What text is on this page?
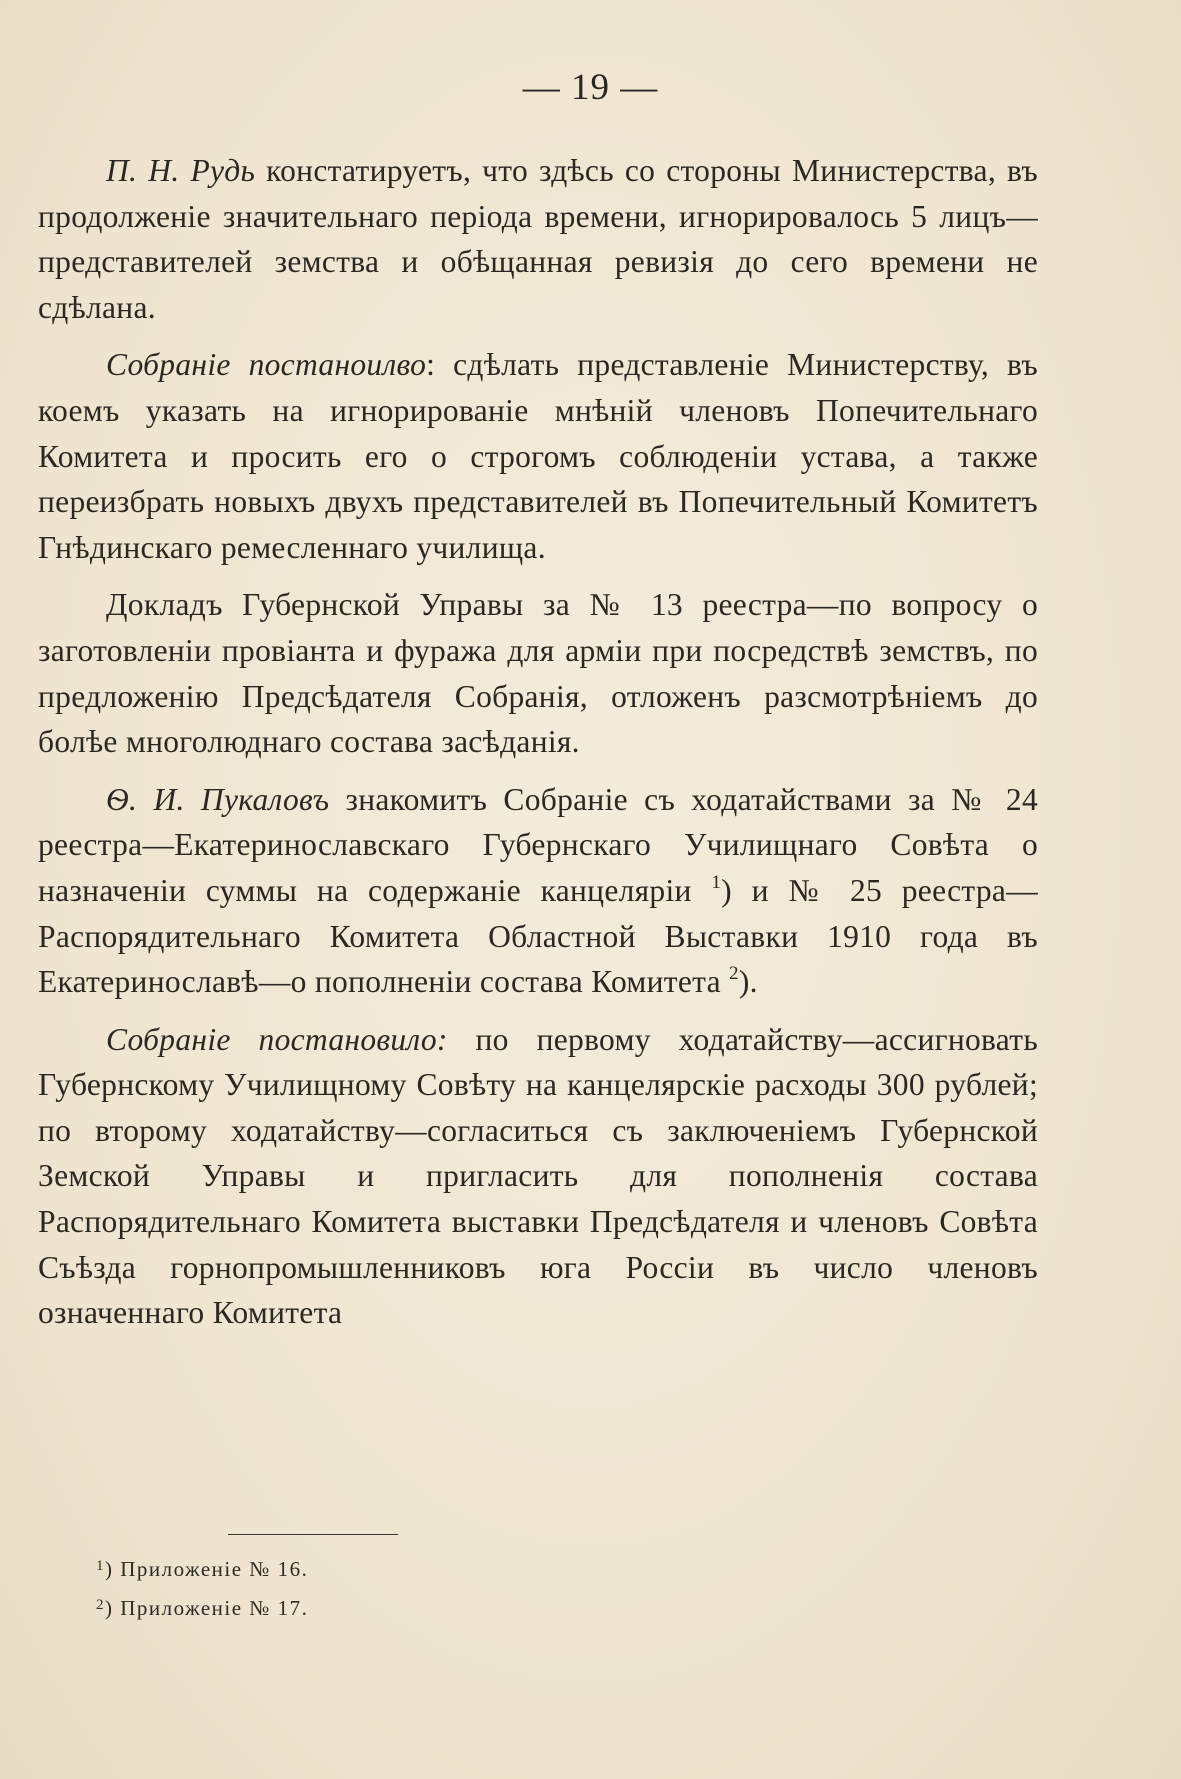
— 19 —

П. Н. Рудь констатируетъ, что здѣсь со стороны Министерства, въ продолженіе значительнаго періода времени, игнорировалось 5 лицъ— представителей земства и обѣщанная ревизія до сего времени не сдѣлана.

Собраніе постаноилво: сдѣлать представленіе Министерству, въ коемъ указать на игнорированіе мнѣній членовъ Попечительнаго Комитета и просить его о строгомъ соблюденіи устава, а также переизбрать новыхъ двухъ представителей въ Попечительный Комитетъ Гнѣдинскаго ремесленнаго училища.

Докладъ Губернской Управы за № 13 реестра—по вопросу о заготовленіи провіанта и фуража для арміи при посредствѣ земствъ, по предложенію Предсѣдателя Собранія, отложенъ разсмотрѣніемъ до болѣе многолюднаго состава засѣданія.

Ѳ. И. Пукаловъ знакомитъ Собраніе съ ходатайствами за № 24 реестра—Екатеринославскаго Губернскаго Училищнаго Совѣта о назначеніи суммы на содержаніе канцеляріи $^1$) и № 25 реестра—Распорядительнаго Комитета Областной Выставки 1910 года въ Екатеринославѣ—о пополненіи состава Комитета $^2$).

Собраніе постановило: по первому ходатайству—ассигновать Губернскому Училищному Совѣту на канцелярскіе расходы 300 рублей; по второму ходатайству—согласиться съ заключеніемъ Губернской Земской Управы и пригласить для пополненія состава Распорядительнаго Комитета выставки Предсѣдателя и членовъ Совѣта Съѣзда горнопромышленниковъ юга Россіи въ число членовъ означеннаго Комитета

$^1$) Приложеніе № 16.
$^2$) Приложеніе № 17.
